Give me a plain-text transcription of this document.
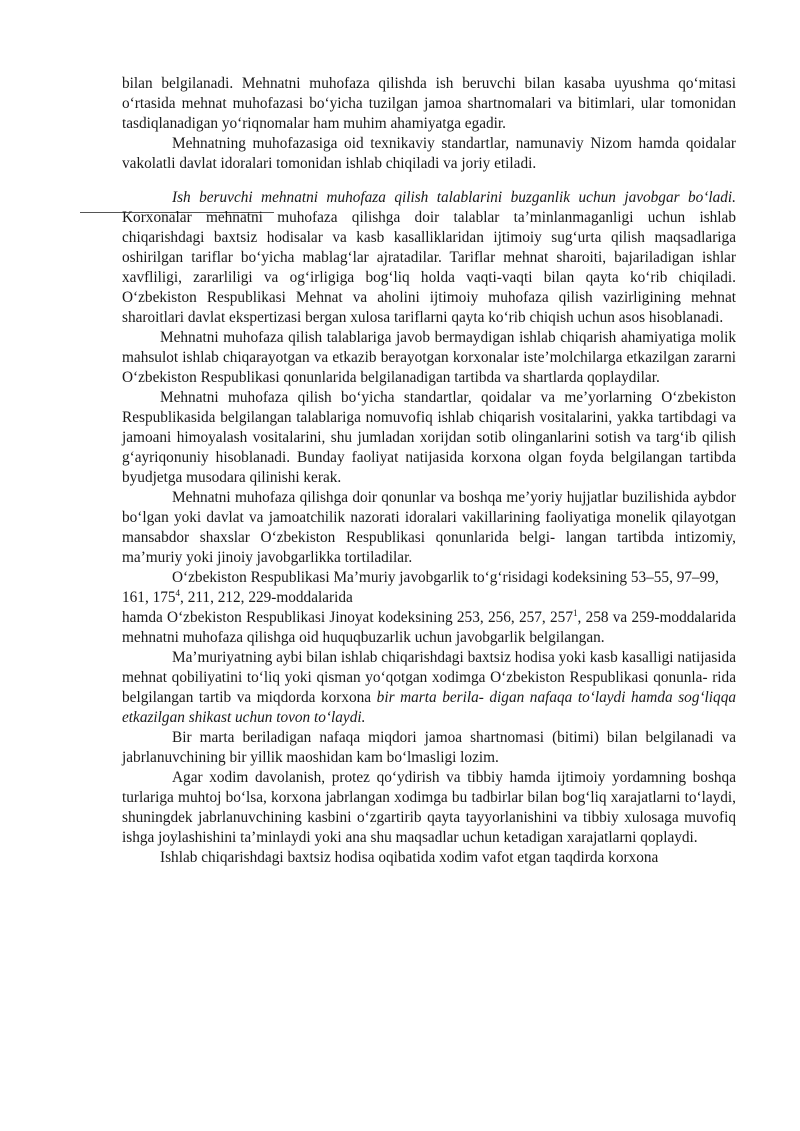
bilan belgilanadi. Mehnatni muhofaza qilishda ish beruvchi bilan kasaba uyushma qo‘mitasi o‘rtasida mehnat muhofazasi bo‘yicha tuzilgan jamoa shartnomalari va bitimlari, ular tomonidan tasdiqlanadigan yo‘riqnomalar ham muhim ahamiyatga egadir.

Mehnatning muhofazasiga oid texnikaviy standartlar, namunaviy Nizom hamda qoidalar vakolatli davlat idoralari tomonidan ishlab chiqiladi va joriy etiladi.

Ish beruvchi mehnatni muhofaza qilish talablarini buzganlik uchun javobgar bo‘ladi. Korxonalar mehnatni muhofaza qilishga doir talablar ta’minlanmaganligi uchun ishlab chiqarishdagi baxtsiz hodisalar va kasb kasalliklaridan ijtimoiy sug‘urta qilish maqsadlariga oshirilgan tariflar bo‘yicha mablag‘lar ajratadilar. Tariflar mehnat sharoiti, bajariladigan ishlar xavfliligi, zararliligi va og‘irligiga bog‘liq holda vaqti-vaqti bilan qayta ko‘rib chiqiladi. O‘zbekiston Respublikasi Mehnat va aholini ijtimoiy muhofaza qilish vazirligining mehnat sharoitlari davlat ekspertizasi bergan xulosa tariflarni qayta ko‘rib chiqish uchun asos hisoblanadi.

Mehnatni muhofaza qilish talablariga javob bermaydigan ishlab chiqarish ahamiyatiga molik mahsulot ishlab chiqarayotgan va etkazib berayotgan korxonalar iste’molchilarga etkazilgan zararni O‘zbekiston Respublikasi qonunlarida belgilanadigan tartibda va shartlarda qoplaydilar.

Mehnatni muhofaza qilish bo‘yicha standartlar, qoidalar va me’yorlarning O‘zbekiston Respublikasida belgilangan talablariga nomuvofiq ishlab chiqarish vositalarini, yakka tartibdagi va jamoani himoyalash vositalarini, shu jumladan xorijdan sotib olinganlarini sotish va targ‘ib qilish g‘ayriqonuniy hisoblanadi. Bunday faoliyat natijasida korxona olgan foyda belgilangan tartibda byudjetga musodara qilinishi kerak.

Mehnatni muhofaza qilishga doir qonunlar va boshqa me’yoriy hujjatlar buzilishida aybdor bo‘lgan yoki davlat va jamoatchilik nazorati idoralari vakillarining faoliyatiga monelik qilayotgan mansabdor shaxslar O‘zbekiston Respublikasi qonunlarida belgi- langan tartibda intizomiy, ma’muriy yoki jinoiy javobgarlikka tortiladilar.

O‘zbekiston Respublikasi Ma’muriy javobgarlik to‘g‘risidagi kodeksining 53–55, 97–99, 161, $175^4$, 211, 212, 229-moddalarida

hamda O‘zbekiston Respublikasi Jinoyat kodeksining 253, 256, 257, $257^1$, 258 va 259-moddalarida mehnatni muhofaza qilishga oid huquqbuzarlik uchun javobgarlik belgilangan.

Ma’muriyatning aybi bilan ishlab chiqarishdagi baxtsiz hodisa yoki kasb kasalligi natijasida mehnat qobiliyatini to‘liq yoki qisman yo‘qotgan xodimga O‘zbekiston Respublikasi qonunla- rida belgilangan tartib va miqdorda korxona bir marta berila- digan nafaqa to‘laydi hamda sog‘liqqa etkazilgan shikast uchun tovon to‘laydi.

Bir marta beriladigan nafaqa miqdori jamoa shartnomasi (bitimi) bilan belgilanadi va jabrlanuvchining bir yillik maoshidan kam bo‘lmasligi lozim.

Agar xodim davolanish, protez qo‘ydirish va tibbiy hamda ijtimoiy yordamning boshqa turlariga muhtoj bo‘lsa, korxona jabrlangan xodimga bu tadbirlar bilan bog‘liq xarajatlarni to‘laydi, shuningdek jabrlanuvchining kasbini o‘zgartirib qayta tayyorlanishini va tibbiy xulosaga muvofiq ishga joylashishini ta’minlaydi yoki ana shu maqsadlar uchun ketadigan xarajatlarni qoplaydi.

Ishlab chiqarishdagi baxtsiz hodisa oqibatida xodim vafot etgan taqdirda korxona
